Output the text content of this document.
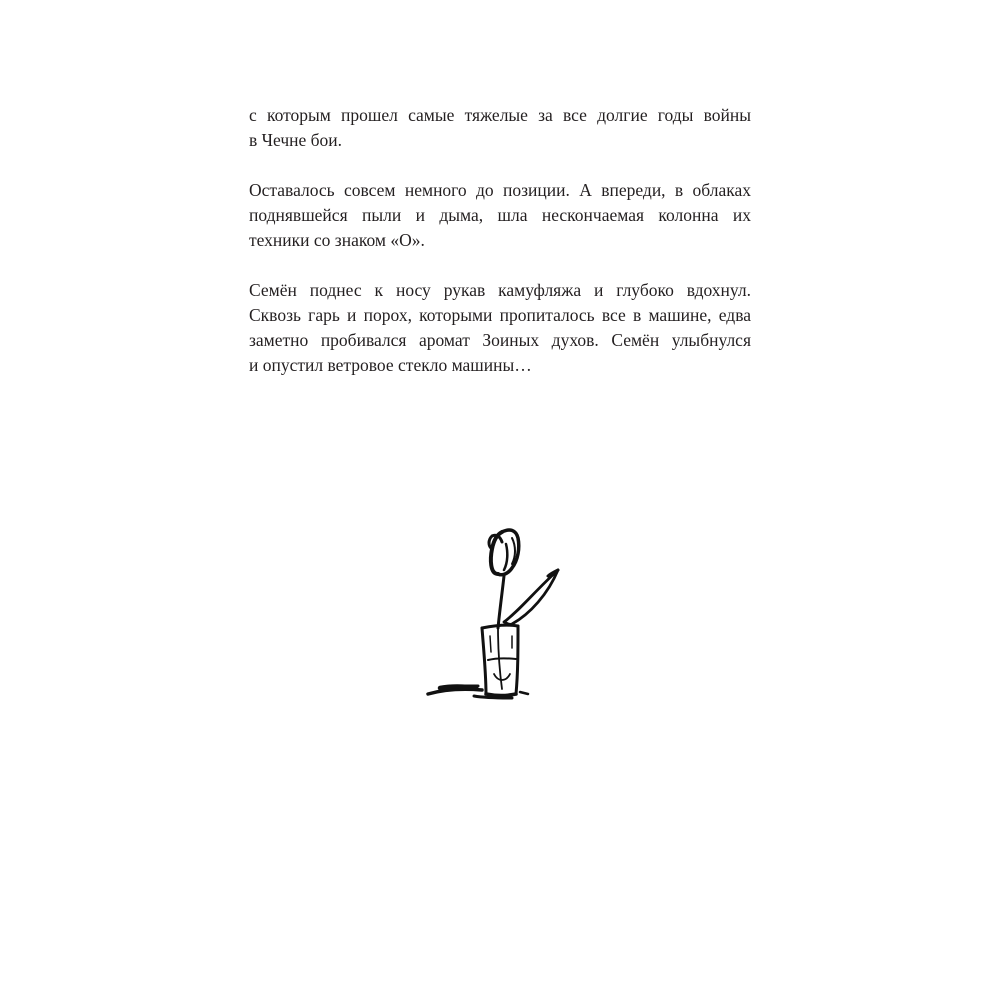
с которым прошел самые тяжелые за все долгие годы войны
в Чечне бои.

Оставалось совсем немного до позиции. А впереди, в облаках
поднявшейся пыли и дыма, шла нескончаемая колонна их
техники со знаком «О».

Семён поднес к носу рукав камуфляжа и глубоко вдохнул.
Сквозь гарь и порох, которыми пропиталось все в машине, едва
заметно пробивался аромат Зоиных духов. Семён улыбнулся
и опустил ветровое стекло машины…
